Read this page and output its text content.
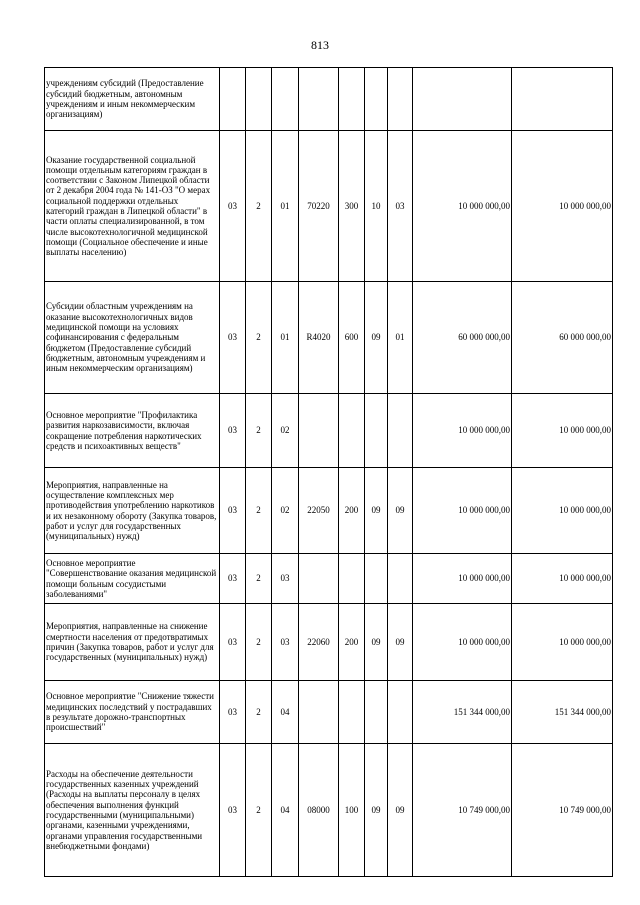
813
учреждениям субсидий (Предоставление субсидий бюджетным, автономным учреждениям и иным некоммерческим организациям)									
Оказание государственной социальной помощи отдельным категориям граждан в соответствии с Законом Липецкой области от 2 декабря 2004 года № 141-ОЗ "О мерах социальной поддержки отдельных категорий граждан в Липецкой области" в части оплаты специализированной, в том числе высокотехнологичной медицинской помощи (Социальное обеспечение и иные выплаты населению)	03	2	01	70220	300	10	03	10 000 000,00	10 000 000,00
Субсидии областным учреждениям на оказание высокотехнологичных видов медицинской помощи на условиях софинансирования с федеральным бюджетом (Предоставление субсидий бюджетным, автономным учреждениям и иным некоммерческим организациям)	03	2	01	R4020	600	09	01	60 000 000,00	60 000 000,00
Основное мероприятие "Профилактика развития наркозависимости, включая сокращение потребления наркотических средств и психоактивных веществ"	03	2	02					10 000 000,00	10 000 000,00
Мероприятия, направленные на осуществление комплексных мер противодействия употреблению наркотиков и их незаконному обороту (Закупка товаров, работ и услуг для государственных (муниципальных) нужд)	03	2	02	22050	200	09	09	10 000 000,00	10 000 000,00
Основное мероприятие "Совершенствование оказания медицинской помощи больным сосудистыми заболеваниями"	03	2	03					10 000 000,00	10 000 000,00
Мероприятия, направленные на снижение смертности населения от предотвратимых причин (Закупка товаров, работ и услуг для государственных (муниципальных) нужд)	03	2	03	22060	200	09	09	10 000 000,00	10 000 000,00
Основное мероприятие "Снижение тяжести медицинских последствий у пострадавших в результате дорожно-транспортных происшествий"	03	2	04					151 344 000,00	151 344 000,00
Расходы на обеспечение деятельности государственных казенных учреждений (Расходы на выплаты персоналу в целях обеспечения выполнения функций государственными (муниципальными) органами, казенными учреждениями, органами управления государственными внебюджетными фондами)	03	2	04	08000	100	09	09	10 749 000,00	10 749 000,00
